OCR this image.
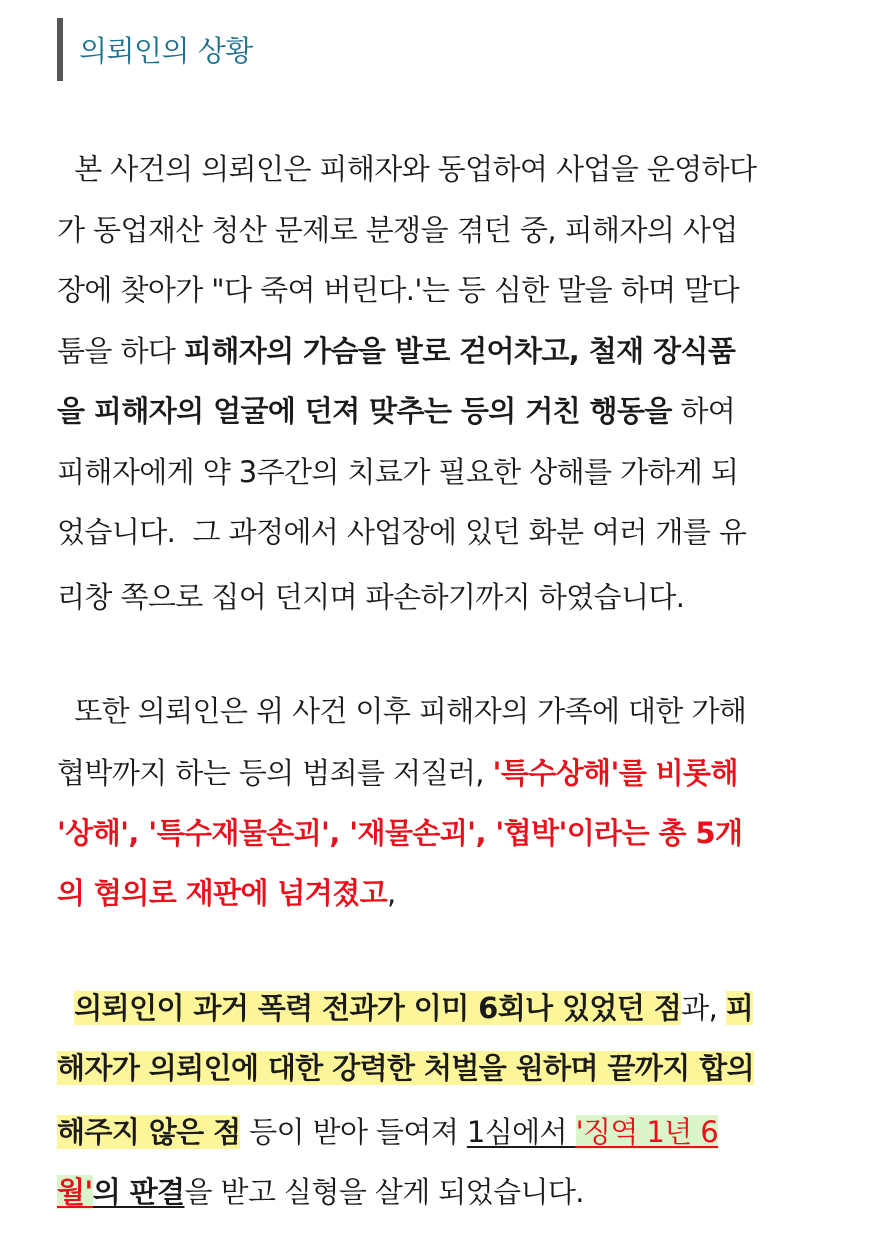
의뢰인의 상황
본 사건의 의뢰인은 피해자와 동업하여 사업을 운영하다
가 동업재산 청산 문제로 분쟁을 겪던 중, 피해자의 사업
장에 찾아가 "다 죽여 버린다.'는 등 심한 말을 하며 말다
툼을 하다 피해자의 가슴을 발로 걷어차고, 철재 장식품
을 피해자의 얼굴에 던져 맞추는 등의 거친 행동을 하여
피해자에게 약 3주간의 치료가 필요한 상해를 가하게 되
었습니다.  그 과정에서 사업장에 있던 화분 여러 개를 유
리창 쪽으로 집어 던지며 파손하기까지 하였습니다.
또한 의뢰인은 위 사건 이후 피해자의 가족에 대한 가해
협박까지 하는 등의 범죄를 저질러, '특수상해'를 비롯해
'상해', '특수재물손괴', '재물손괴', '협박'이라는 총 5개
의 혐의로 재판에 넘겨졌고,
의뢰인이 과거 폭력 전과가 이미 6회나 있었던 점과, 피
해자가 의뢰인에 대한 강력한 처벌을 원하며 끝까지 합의
해주지 않은 점 등이 받아 들여져 1심에서 '징역 1년 6
월'의 판결을 받고 실형을 살게 되었습니다.
